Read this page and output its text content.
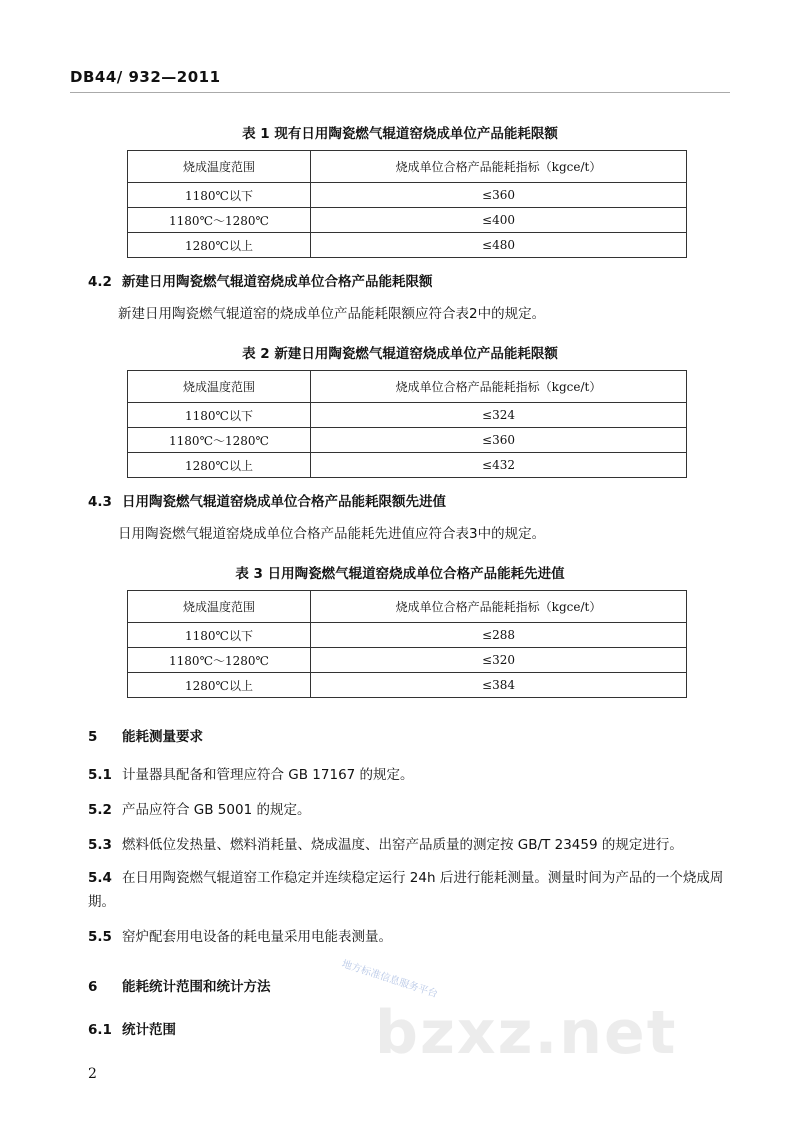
DB44/ 932—2011
表 1 现有日用陶瓷燃气辊道窑烧成单位产品能耗限额
烧成温度范围	烧成单位合格产品能耗指标（kgce/t）
1180℃以下	≤360
1180℃～1280℃	≤400
1280℃以上	≤480
4.2 新建日用陶瓷燃气辊道窑烧成单位合格产品能耗限额
新建日用陶瓷燃气辊道窑的烧成单位产品能耗限额应符合表2中的规定。
表 2 新建日用陶瓷燃气辊道窑烧成单位产品能耗限额
烧成温度范围	烧成单位合格产品能耗指标（kgce/t）
1180℃以下	≤324
1180℃～1280℃	≤360
1280℃以上	≤432
4.3 日用陶瓷燃气辊道窑烧成单位合格产品能耗限额先进值
日用陶瓷燃气辊道窑烧成单位合格产品能耗先进值应符合表3中的规定。
表 3 日用陶瓷燃气辊道窑烧成单位合格产品能耗先进值
烧成温度范围	烧成单位合格产品能耗指标（kgce/t）
1180℃以下	≤288
1180℃～1280℃	≤320
1280℃以上	≤384
5 能耗测量要求
5.1 计量器具配备和管理应符合 GB 17167 的规定。
5.2 产品应符合 GB 5001 的规定。
5.3 燃料低位发热量、燃料消耗量、烧成温度、出窑产品质量的测定按 GB/T 23459 的规定进行。
5.4 在日用陶瓷燃气辊道窑工作稳定并连续稳定运行 24h 后进行能耗测量。测量时间为产品的一个烧成周期。
5.5 窑炉配套用电设备的耗电量采用电能表测量。
6 能耗统计范围和统计方法
6.1 统计范围
地方标准信息服务平台
bzxz.net
2
